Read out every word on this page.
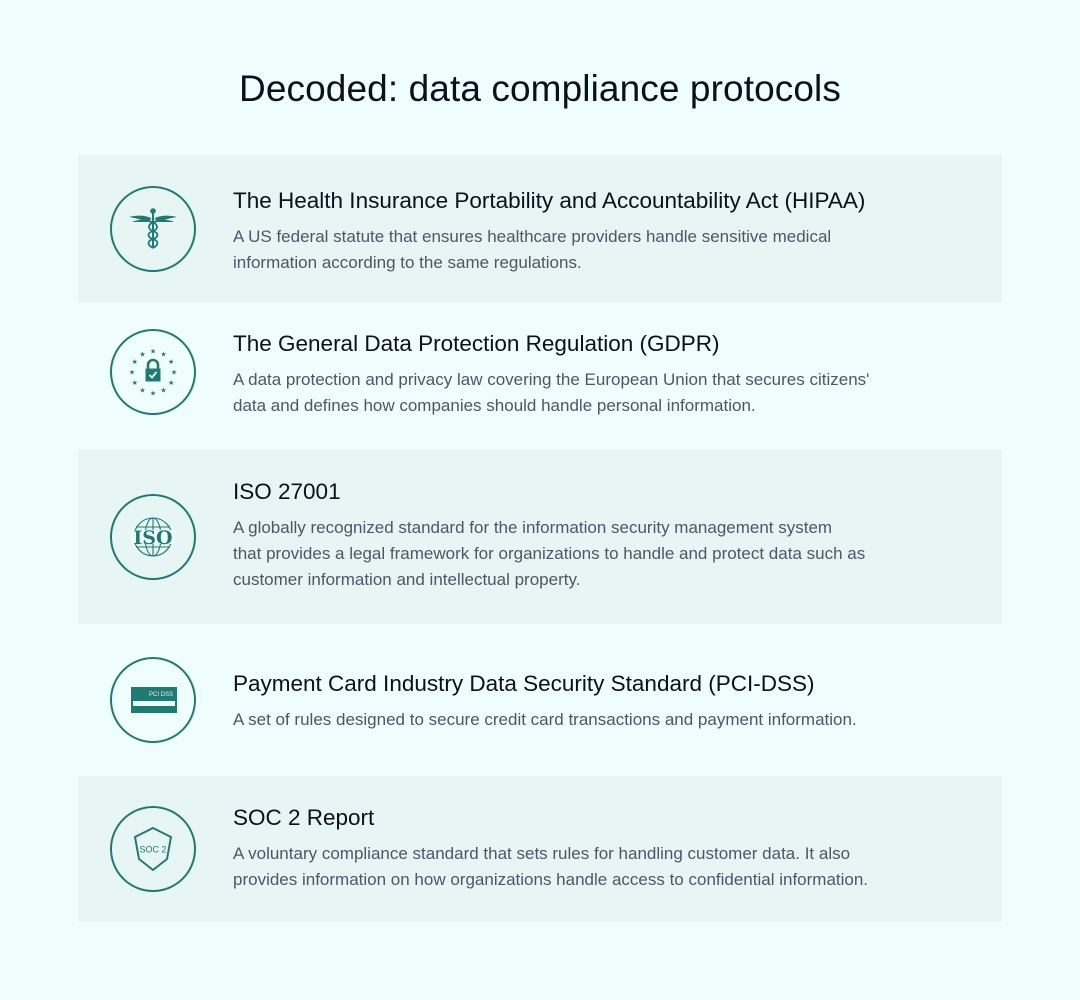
Decoded: data compliance protocols
The Health Insurance Portability and Accountability Act (HIPAA)

A US federal statute that ensures healthcare providers handle sensitive medical
information according to the same regulations.

★ ★
★
★
★
★
★
★
★
★
★
★	The General Data Protection Regulation (GDPR)

A data protection and privacy law covering the European Union that secures citizens'
data and defines how companies should handle personal information.

ISO
ISO 27001

A globally recognized standard for the information security management system
that provides a legal framework for organizations to handle and protect data such as
customer information and intellectual property.

PCI DSS	Payment Card Industry Data Security Standard (PCI-DSS)

A set of rules designed to secure credit card transactions and payment information.

SOC 2
SOC 2 Report

A voluntary compliance standard that sets rules for handling customer data. It also
provides information on how organizations handle access to confidential information.
